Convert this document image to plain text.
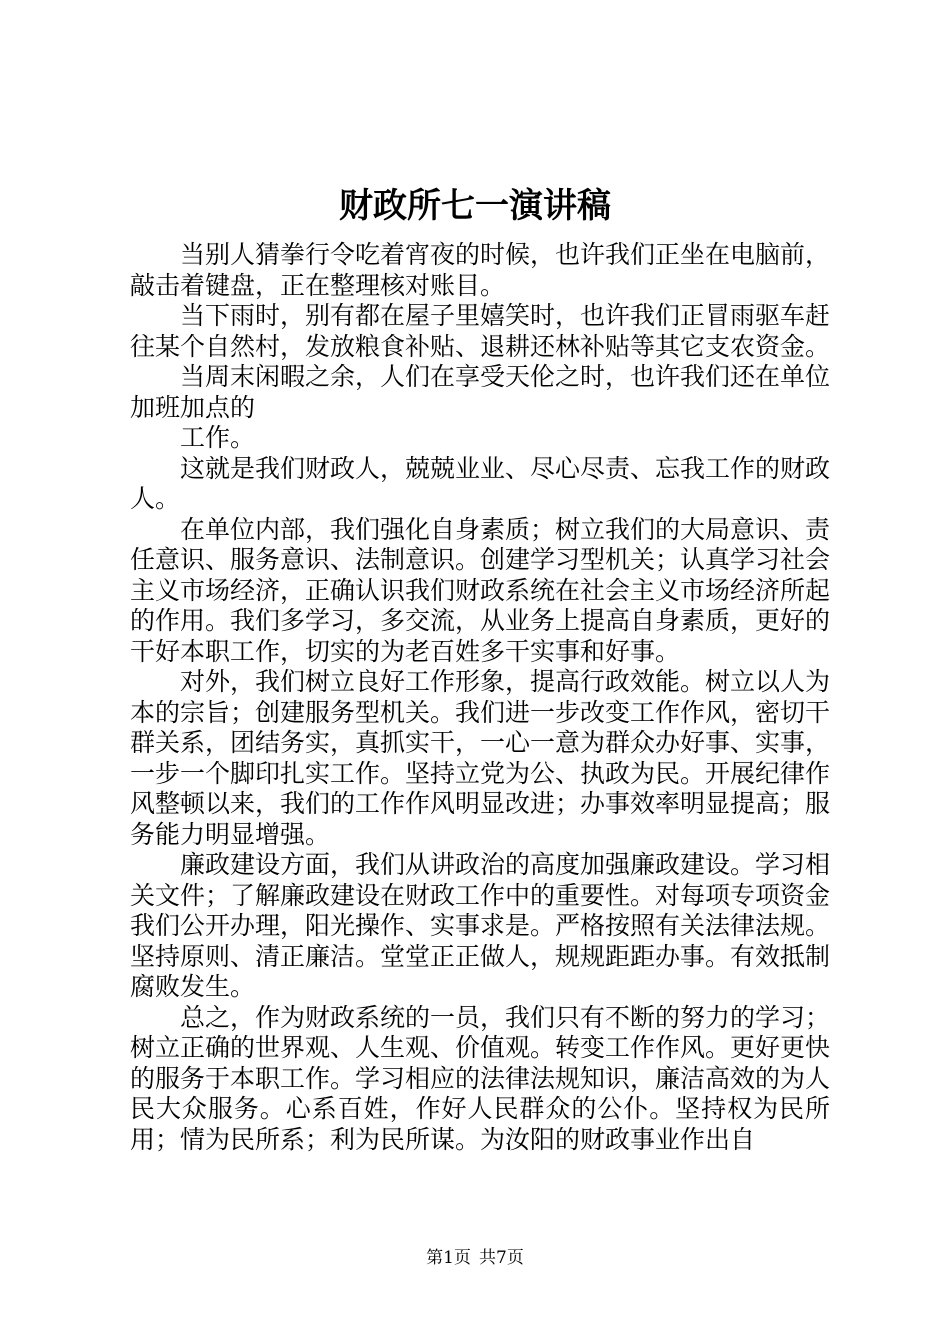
财政所七一演讲稿

当别人猜拳行令吃着宵夜的时候，也许我们正坐在电脑前，敲击着键盘，正在整理核对账目。

当下雨时，别有都在屋子里嬉笑时，也许我们正冒雨驱车赶往某个自然村，发放粮食补贴、退耕还林补贴等其它支农资金。

当周末闲暇之余，人们在享受天伦之时，也许我们还在单位加班加点的

工作。

这就是我们财政人，兢兢业业、尽心尽责、忘我工作的财政人。

在单位内部，我们强化自身素质；树立我们的大局意识、责任意识、服务意识、法制意识。创建学习型机关；认真学习社会主义市场经济，正确认识我们财政系统在社会主义市场经济所起的作用。我们多学习，多交流，从业务上提高自身素质，更好的干好本职工作，切实的为老百姓多干实事和好事。

对外，我们树立良好工作形象，提高行政效能。树立以人为本的宗旨；创建服务型机关。我们进一步改变工作作风，密切干群关系，团结务实，真抓实干，一心一意为群众办好事、实事，一步一个脚印扎实工作。坚持立党为公、执政为民。开展纪律作风整顿以来，我们的工作作风明显改进；办事效率明显提高；服务能力明显增强。

廉政建设方面，我们从讲政治的高度加强廉政建设。学习相关文件；了解廉政建设在财政工作中的重要性。对每项专项资金我们公开办理，阳光操作、实事求是。严格按照有关法律法规。坚持原则、清正廉洁。堂堂正正做人，规规距距办事。有效抵制腐败发生。

总之，作为财政系统的一员，我们只有不断的努力的学习；树立正确的世界观、人生观、价值观。转变工作作风。更好更快的服务于本职工作。学习相应的法律法规知识，廉洁高效的为人民大众服务。心系百姓，作好人民群众的公仆。坚持权为民所用；情为民所系；利为民所谋。为汝阳的财政事业作出自

第1页 共7页
